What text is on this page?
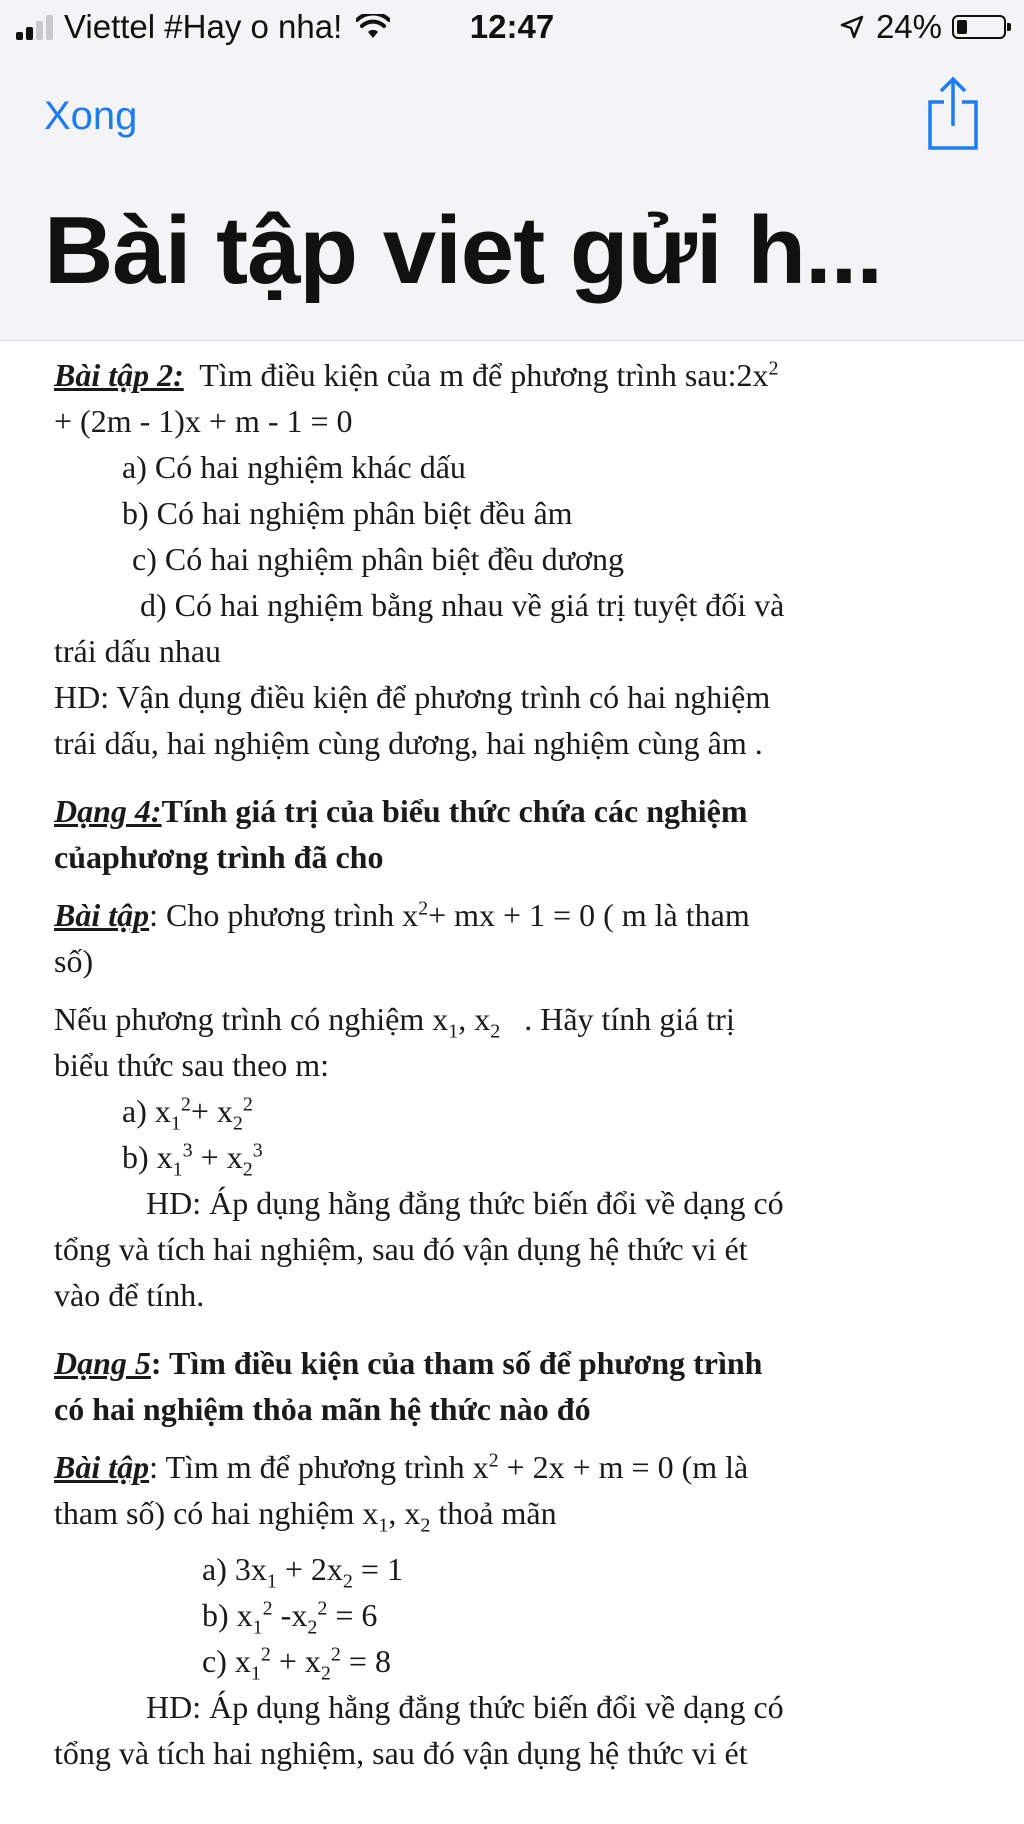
Viettel #Hay o nha!	12:47	24%
Xong
Bài tập viet gửi h...

Bài tập 2: Tìm điều kiện của m để phương trình $sau:2x^2$

+ (2m - 1)x + m - 1 = 0

a) Có hai nghiệm khác dấu

b) Có hai nghiệm phân biệt đều âm

c) Có hai nghiệm phân biệt đều dương

d) Có hai nghiệm bằng nhau về giá trị tuyệt đối và

trái dấu nhau

HD: Vận dụng điều kiện để phương trình có hai nghiệm

trái dấu, hai nghiệm cùng dương, hai nghiệm cùng âm .

Dạng 4:Tính giá trị của biểu thức chứa các nghiệm

củaphương trình đã cho

Bài tập: Cho phương trình $x^2+$ mx + 1 = 0 ( m là tham

số)

Nếu phương trình có nghiệm $x_1$, $x_2$ . Hãy tính giá trị

biểu thức sau theo m:

a) $x_1^2+ x_2^2$

b) $x_1^3 + x_2^3$

HD: Áp dụng hằng đẳng thức biến đổi về dạng có

tổng và tích hai nghiệm, sau đó vận dụng hệ thức vi ét

vào để tính.

Dạng 5: Tìm điều kiện của tham số để phương trình

có hai nghiệm thỏa mãn hệ thức nào đó

Bài tập: Tìm m để phương trình $x^2 + 2x + m = 0$ (m là

tham số) có hai nghiệm $x_1$, $x_2$ thoả mãn

a) $3x_1 + 2x_2 = 1$

b) $x_1^2$ $-x_2^2 = 6$

c) $x_1^2 + x_2^2 = 8$

HD: Áp dụng hằng đẳng thức biến đổi về dạng có

tổng và tích hai nghiệm, sau đó vận dụng hệ thức vi ét
